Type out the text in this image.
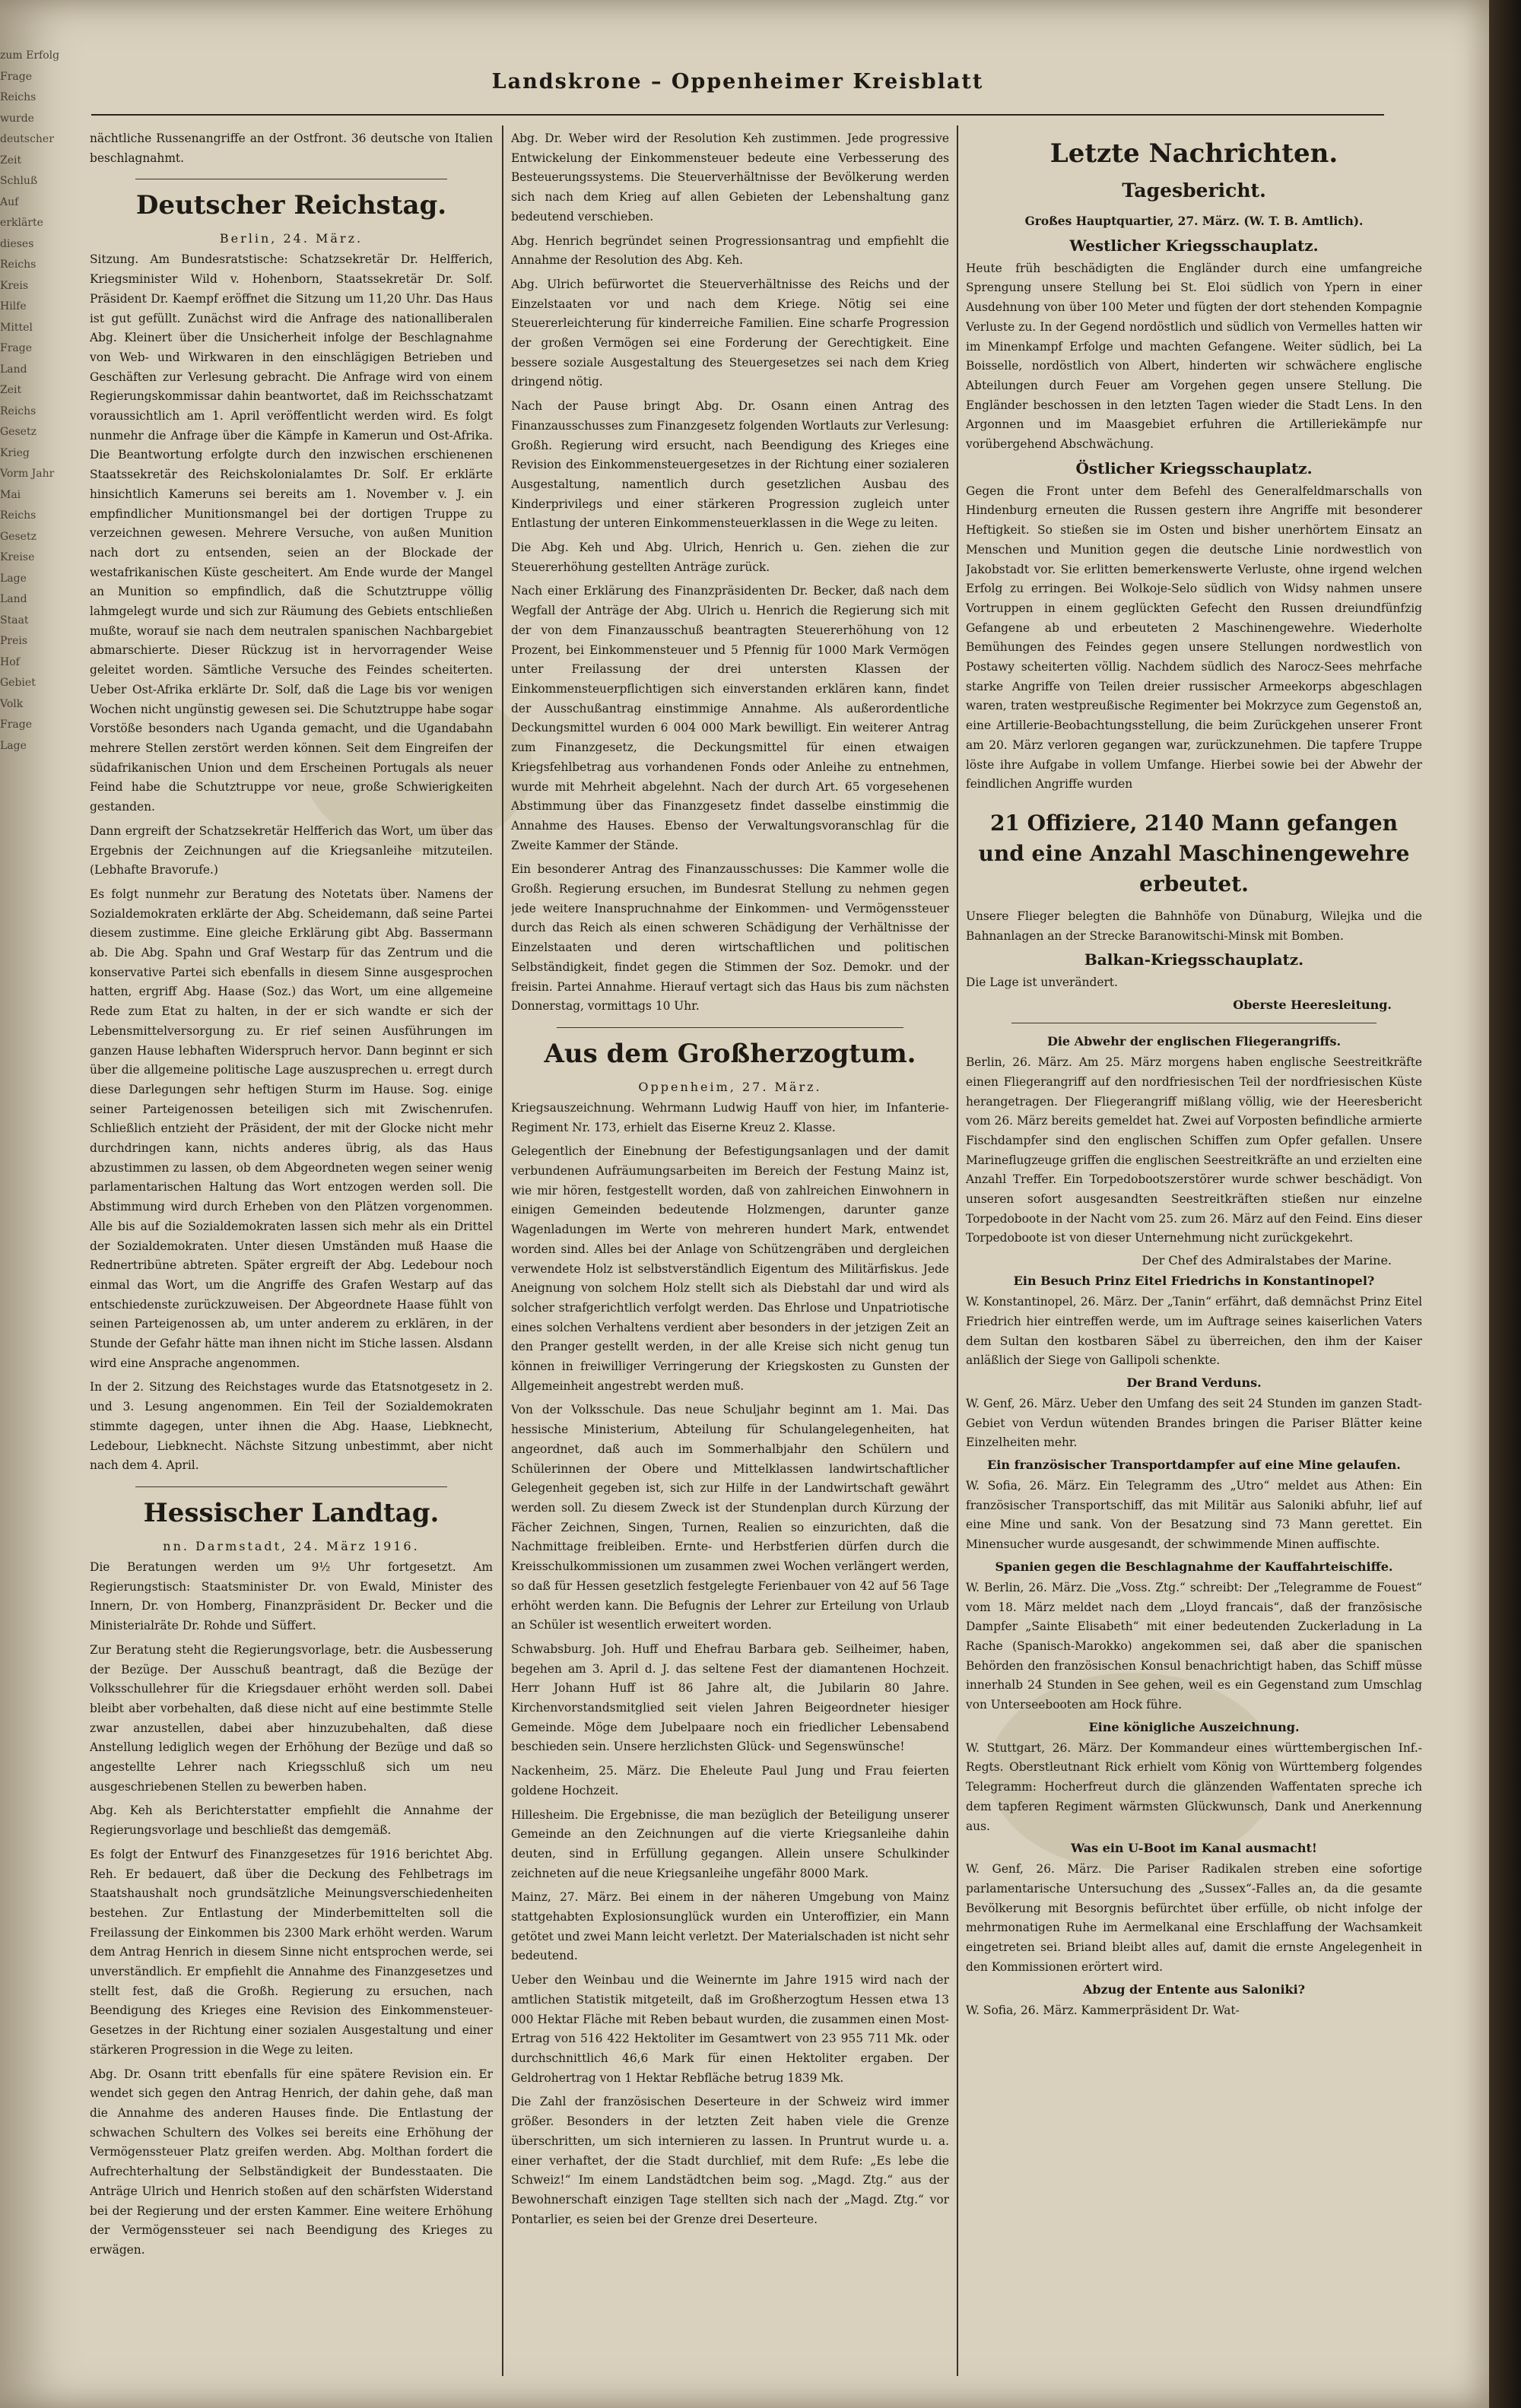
zum Erfolg

Frage

Reichs

wurde

deutscher

Zeit

Schluß

Auf

erklärte

dieses

Reichs

Kreis

Hilfe

Mittel

Frage

Land

Zeit

Reichs

Gesetz

Krieg

Vorm Jahr

Mai

Reichs

Gesetz

Kreise

Lage

Land

Staat

Preis

Hof

Gebiet

Volk

Frage

Lage

Landskrone – Oppenheimer Kreisblatt

nächtliche Russenangriffe an der Ostfront. 36 deutsche von Italien beschlagnahmt.

Deutscher Reichstag.
Berlin, 24. März.

Sitzung. Am Bundesratstische: Schatzsekretär Dr. Helfferich, Kriegsminister Wild v. Hohenborn, Staatssekretär Dr. Solf. Präsident Dr. Kaempf eröffnet die Sitzung um 11,20 Uhr. Das Haus ist gut gefüllt. Zunächst wird die Anfrage des nationalliberalen Abg. Kleinert über die Unsicherheit infolge der Beschlagnahme von Web- und Wirkwaren in den einschlägigen Betrieben und Geschäften zur Verlesung gebracht. Die Anfrage wird von einem Regierungskommissar dahin beantwortet, daß im Reichsschatzamt voraussichtlich am 1. April veröffentlicht werden wird. Es folgt nunmehr die Anfrage über die Kämpfe in Kamerun und Ost-Afrika. Die Beantwortung erfolgte durch den inzwischen erschienenen Staatssekretär des Reichskolonialamtes Dr. Solf. Er erklärte hinsichtlich Kameruns sei bereits am 1. November v. J. ein empfindlicher Munitionsmangel bei der dortigen Truppe zu verzeichnen gewesen. Mehrere Versuche, von außen Munition nach dort zu entsenden, seien an der Blockade der westafrikanischen Küste gescheitert. Am Ende wurde der Mangel an Munition so empfindlich, daß die Schutztruppe völlig lahmgelegt wurde und sich zur Räumung des Gebiets entschließen mußte, worauf sie nach dem neutralen spanischen Nachbargebiet abmarschierte. Dieser Rückzug ist in hervorragender Weise geleitet worden. Sämtliche Versuche des Feindes scheiterten. Ueber Ost-Afrika erklärte Dr. Solf, daß die Lage bis vor wenigen Wochen nicht ungünstig gewesen sei. Die Schutztruppe habe sogar Vorstöße besonders nach Uganda gemacht, und die Ugandabahn mehrere Stellen zerstört werden können. Seit dem Eingreifen der südafrikanischen Union und dem Erscheinen Portugals als neuer Feind habe die Schutztruppe vor neue, große Schwierigkeiten gestanden.

Dann ergreift der Schatzsekretär Helfferich das Wort, um über das Ergebnis der Zeichnungen auf die Kriegsanleihe mitzuteilen. (Lebhafte Bravorufe.)

Es folgt nunmehr zur Beratung des Notetats über. Namens der Sozialdemokraten erklärte der Abg. Scheidemann, daß seine Partei diesem zustimme. Eine gleiche Erklärung gibt Abg. Bassermann ab. Die Abg. Spahn und Graf Westarp für das Zentrum und die konservative Partei sich ebenfalls in diesem Sinne ausgesprochen hatten, ergriff Abg. Haase (Soz.) das Wort, um eine allgemeine Rede zum Etat zu halten, in der er sich wandte er sich der Lebensmittelversorgung zu. Er rief seinen Ausführungen im ganzen Hause lebhaften Widerspruch hervor. Dann beginnt er sich über die allgemeine politische Lage auszusprechen u. erregt durch diese Darlegungen sehr heftigen Sturm im Hause. Sog. einige seiner Parteigenossen beteiligen sich mit Zwischenrufen. Schließlich entzieht der Präsident, der mit der Glocke nicht mehr durchdringen kann, nichts anderes übrig, als das Haus abzustimmen zu lassen, ob dem Abgeordneten wegen seiner wenig parlamentarischen Haltung das Wort entzogen werden soll. Die Abstimmung wird durch Erheben von den Plätzen vorgenommen. Alle bis auf die Sozialdemokraten lassen sich mehr als ein Drittel der Sozialdemokraten. Unter diesen Umständen muß Haase die Rednertribüne abtreten. Später ergreift der Abg. Ledebour noch einmal das Wort, um die Angriffe des Grafen Westarp auf das entschiedenste zurückzuweisen. Der Abgeordnete Haase fühlt von seinen Parteigenossen ab, um unter anderem zu erklären, in der Stunde der Gefahr hätte man ihnen nicht im Stiche lassen. Alsdann wird eine Ansprache angenommen.

In der 2. Sitzung des Reichstages wurde das Etatsnotgesetz in 2. und 3. Lesung angenommen. Ein Teil der Sozialdemokraten stimmte dagegen, unter ihnen die Abg. Haase, Liebknecht, Ledebour, Liebknecht. Nächste Sitzung unbestimmt, aber nicht nach dem 4. April.

Hessischer Landtag.
nn. Darmstadt, 24. März 1916.

Die Beratungen werden um 9½ Uhr fortgesetzt. Am Regierungstisch: Staatsminister Dr. von Ewald, Minister des Innern, Dr. von Homberg, Finanzpräsident Dr. Becker und die Ministerialräte Dr. Rohde und Süffert.

Zur Beratung steht die Regierungsvorlage, betr. die Ausbesserung der Bezüge. Der Ausschuß beantragt, daß die Bezüge der Volksschullehrer für die Kriegsdauer erhöht werden soll. Dabei bleibt aber vorbehalten, daß diese nicht auf eine bestimmte Stelle zwar anzustellen, dabei aber hinzuzubehalten, daß diese Anstellung lediglich wegen der Erhöhung der Bezüge und daß so angestellte Lehrer nach Kriegsschluß sich um neu ausgeschriebenen Stellen zu bewerben haben.

Abg. Keh als Berichterstatter empfiehlt die Annahme der Regierungsvorlage und beschließt das demgemäß.

Es folgt der Entwurf des Finanzgesetzes für 1916 berichtet Abg. Reh. Er bedauert, daß über die Deckung des Fehlbetrags im Staatshaushalt noch grundsätzliche Meinungsverschiedenheiten bestehen. Zur Entlastung der Minderbemittelten soll die Freilassung der Einkommen bis 2300 Mark erhöht werden. Warum dem Antrag Henrich in diesem Sinne nicht entsprochen werde, sei unverständlich. Er empfiehlt die Annahme des Finanzgesetzes und stellt fest, daß die Großh. Regierung zu ersuchen, nach Beendigung des Krieges eine Revision des Einkommensteuer-Gesetzes in der Richtung einer sozialen Ausgestaltung und einer stärkeren Progression in die Wege zu leiten.

Abg. Dr. Osann tritt ebenfalls für eine spätere Revision ein. Er wendet sich gegen den Antrag Henrich, der dahin gehe, daß man die Annahme des anderen Hauses finde. Die Entlastung der schwachen Schultern des Volkes sei bereits eine Erhöhung der Vermögenssteuer Platz greifen werden. Abg. Molthan fordert die Aufrechterhaltung der Selbständigkeit der Bundesstaaten. Die Anträge Ulrich und Henrich stoßen auf den schärfsten Widerstand bei der Regierung und der ersten Kammer. Eine weitere Erhöhung der Vermögenssteuer sei nach Beendigung des Krieges zu erwägen.

Abg. Dr. Weber wird der Resolution Keh zustimmen. Jede progressive Entwickelung der Einkommensteuer bedeute eine Verbesserung des Besteuerungssystems. Die Steuerverhältnisse der Bevölkerung werden sich nach dem Krieg auf allen Gebieten der Lebenshaltung ganz bedeutend verschieben.

Abg. Henrich begründet seinen Progressionsantrag und empfiehlt die Annahme der Resolution des Abg. Keh.

Abg. Ulrich befürwortet die Steuerverhältnisse des Reichs und der Einzelstaaten vor und nach dem Kriege. Nötig sei eine Steuererleichterung für kinderreiche Familien. Eine scharfe Progression der großen Vermögen sei eine Forderung der Gerechtigkeit. Eine bessere soziale Ausgestaltung des Steuergesetzes sei nach dem Krieg dringend nötig.

Nach der Pause bringt Abg. Dr. Osann einen Antrag des Finanzausschusses zum Finanzgesetz folgenden Wortlauts zur Verlesung: Großh. Regierung wird ersucht, nach Beendigung des Krieges eine Revision des Einkommensteuergesetzes in der Richtung einer sozialeren Ausgestaltung, namentlich durch gesetzlichen Ausbau des Kinderprivilegs und einer stärkeren Progression zugleich unter Entlastung der unteren Einkommensteuerklassen in die Wege zu leiten.

Die Abg. Keh und Abg. Ulrich, Henrich u. Gen. ziehen die zur Steuererhöhung gestellten Anträge zurück.

Nach einer Erklärung des Finanzpräsidenten Dr. Becker, daß nach dem Wegfall der Anträge der Abg. Ulrich u. Henrich die Regierung sich mit der von dem Finanzausschuß beantragten Steuererhöhung von 12 Prozent, bei Einkommensteuer und 5 Pfennig für 1000 Mark Vermögen unter Freilassung der drei untersten Klassen der Einkommensteuerpflichtigen sich einverstanden erklären kann, findet der Ausschußantrag einstimmige Annahme. Als außerordentliche Deckungsmittel wurden 6 004 000 Mark bewilligt. Ein weiterer Antrag zum Finanzgesetz, die Deckungsmittel für einen etwaigen Kriegsfehlbetrag aus vorhandenen Fonds oder Anleihe zu entnehmen, wurde mit Mehrheit abgelehnt. Nach der durch Art. 65 vorgesehenen Abstimmung über das Finanzgesetz findet dasselbe einstimmig die Annahme des Hauses. Ebenso der Verwaltungsvoranschlag für die Zweite Kammer der Stände.

Ein besonderer Antrag des Finanzausschusses: Die Kammer wolle die Großh. Regierung ersuchen, im Bundesrat Stellung zu nehmen gegen jede weitere Inanspruchnahme der Einkommen- und Vermögenssteuer durch das Reich als einen schweren Schädigung der Verhältnisse der Einzelstaaten und deren wirtschaftlichen und politischen Selbständigkeit, findet gegen die Stimmen der Soz. Demokr. und der freisin. Partei Annahme. Hierauf vertagt sich das Haus bis zum nächsten Donnerstag, vormittags 10 Uhr.

Aus dem Großherzogtum.
Oppenheim, 27. März.

Kriegsauszeichnung. Wehrmann Ludwig Hauff von hier, im Infanterie-Regiment Nr. 173, erhielt das Eiserne Kreuz 2. Klasse.

Gelegentlich der Einebnung der Befestigungsanlagen und der damit verbundenen Aufräumungsarbeiten im Bereich der Festung Mainz ist, wie mir hören, festgestellt worden, daß von zahlreichen Einwohnern in einigen Gemeinden bedeutende Holzmengen, darunter ganze Wagenladungen im Werte von mehreren hundert Mark, entwendet worden sind. Alles bei der Anlage von Schützengräben und dergleichen verwendete Holz ist selbstverständlich Eigentum des Militärfiskus. Jede Aneignung von solchem Holz stellt sich als Diebstahl dar und wird als solcher strafgerichtlich verfolgt werden. Das Ehrlose und Unpatriotische eines solchen Verhaltens verdient aber besonders in der jetzigen Zeit an den Pranger gestellt werden, in der alle Kreise sich nicht genug tun können in freiwilliger Verringerung der Kriegskosten zu Gunsten der Allgemeinheit angestrebt werden muß.

Von der Volksschule. Das neue Schuljahr beginnt am 1. Mai. Das hessische Ministerium, Abteilung für Schulangelegenheiten, hat angeordnet, daß auch im Sommerhalbjahr den Schülern und Schülerinnen der Obere und Mittelklassen landwirtschaftlicher Gelegenheit gegeben ist, sich zur Hilfe in der Landwirtschaft gewährt werden soll. Zu diesem Zweck ist der Stundenplan durch Kürzung der Fächer Zeichnen, Singen, Turnen, Realien so einzurichten, daß die Nachmittage freibleiben. Ernte- und Herbstferien dürfen durch die Kreisschulkommissionen um zusammen zwei Wochen verlängert werden, so daß für Hessen gesetzlich festgelegte Ferienbauer von 42 auf 56 Tage erhöht werden kann. Die Befugnis der Lehrer zur Erteilung von Urlaub an Schüler ist wesentlich erweitert worden.

Schwabsburg. Joh. Huff und Ehefrau Barbara geb. Seilheimer, haben, begehen am 3. April d. J. das seltene Fest der diamantenen Hochzeit. Herr Johann Huff ist 86 Jahre alt, die Jubilarin 80 Jahre. Kirchenvorstandsmitglied seit vielen Jahren Beigeordneter hiesiger Gemeinde. Möge dem Jubelpaare noch ein friedlicher Lebensabend beschieden sein. Unsere herzlichsten Glück- und Segenswünsche!

Nackenheim, 25. März. Die Eheleute Paul Jung und Frau feierten goldene Hochzeit.

Hillesheim. Die Ergebnisse, die man bezüglich der Beteiligung unserer Gemeinde an den Zeichnungen auf die vierte Kriegsanleihe dahin deuten, sind in Erfüllung gegangen. Allein unsere Schulkinder zeichneten auf die neue Kriegsanleihe ungefähr 8000 Mark.

Mainz, 27. März. Bei einem in der näheren Umgebung von Mainz stattgehabten Explosionsunglück wurden ein Unteroffizier, ein Mann getötet und zwei Mann leicht verletzt. Der Materialschaden ist nicht sehr bedeutend.

Ueber den Weinbau und die Weinernte im Jahre 1915 wird nach der amtlichen Statistik mitgeteilt, daß im Großherzogtum Hessen etwa 13 000 Hektar Fläche mit Reben bebaut wurden, die zusammen einen Most-Ertrag von 516 422 Hektoliter im Gesamtwert von 23 955 711 Mk. oder durchschnittlich 46,6 Mark für einen Hektoliter ergaben. Der Geldrohertrag von 1 Hektar Rebfläche betrug 1839 Mk.

Die Zahl der französischen Deserteure in der Schweiz wird immer größer. Besonders in der letzten Zeit haben viele die Grenze überschritten, um sich internieren zu lassen. In Pruntrut wurde u. a. einer verhaftet, der die Stadt durchlief, mit dem Rufe: „Es lebe die Schweiz!“ Im einem Landstädtchen beim sog. „Magd. Ztg.“ aus der Bewohnerschaft einzigen Tage stellten sich nach der „Magd. Ztg.“ vor Pontarlier, es seien bei der Grenze drei Deserteure.

Letzte Nachrichten.
Tagesbericht.

Großes Hauptquartier, 27. März. (W. T. B. Amtlich).

Westlicher Kriegsschauplatz.

Heute früh beschädigten die Engländer durch eine umfangreiche Sprengung unsere Stellung bei St. Eloi südlich von Ypern in einer Ausdehnung von über 100 Meter und fügten der dort stehenden Kompagnie Verluste zu. In der Gegend nordöstlich und südlich von Vermelles hatten wir im Minenkampf Erfolge und machten Gefangene. Weiter südlich, bei La Boisselle, nordöstlich von Albert, hinderten wir schwächere englische Abteilungen durch Feuer am Vorgehen gegen unsere Stellung. Die Engländer beschossen in den letzten Tagen wieder die Stadt Lens. In den Argonnen und im Maasgebiet erfuhren die Artilleriekämpfe nur vorübergehend Abschwächung.

Östlicher Kriegsschauplatz.

Gegen die Front unter dem Befehl des Generalfeldmarschalls von Hindenburg erneuten die Russen gestern ihre Angriffe mit besonderer Heftigkeit. So stießen sie im Osten und bisher unerhörtem Einsatz an Menschen und Munition gegen die deutsche Linie nordwestlich von Jakobstadt vor. Sie erlitten bemerkenswerte Verluste, ohne irgend welchen Erfolg zu erringen. Bei Wolkoje-Selo südlich von Widsy nahmen unsere Vortruppen in einem geglückten Gefecht den Russen dreiundfünfzig Gefangene ab und erbeuteten 2 Maschinengewehre. Wiederholte Bemühungen des Feindes gegen unsere Stellungen nordwestlich von Postawy scheiterten völlig. Nachdem südlich des Narocz-Sees mehrfache starke Angriffe von Teilen dreier russischer Armeekorps abgeschlagen waren, traten westpreußische Regimenter bei Mokrzyce zum Gegenstoß an, eine Artillerie-Beobachtungsstellung, die beim Zurückgehen unserer Front am 20. März verloren gegangen war, zurückzunehmen. Die tapfere Truppe löste ihre Aufgabe in vollem Umfange. Hierbei sowie bei der Abwehr der feindlichen Angriffe wurden

21 Offiziere, 2140 Mann gefangen und eine Anzahl Maschinengewehre erbeutet.

Unsere Flieger belegten die Bahnhöfe von Dünaburg, Wilejka und die Bahnanlagen an der Strecke Baranowitschi-Minsk mit Bomben.

Balkan-Kriegsschauplatz.

Die Lage ist unverändert.

Oberste Heeresleitung.
Die Abwehr der englischen Fliegerangriffs.

Berlin, 26. März. Am 25. März morgens haben englische Seestreitkräfte einen Fliegerangriff auf den nordfriesischen Teil der nordfriesischen Küste herangetragen. Der Fliegerangriff mißlang völlig, wie der Heeresbericht vom 26. März bereits gemeldet hat. Zwei auf Vorposten befindliche armierte Fischdampfer sind den englischen Schiffen zum Opfer gefallen. Unsere Marineflugzeuge griffen die englischen Seestreitkräfte an und erzielten eine Anzahl Treffer. Ein Torpedobootszerstörer wurde schwer beschädigt. Von unseren sofort ausgesandten Seestreitkräften stießen nur einzelne Torpedoboote in der Nacht vom 25. zum 26. März auf den Feind. Eins dieser Torpedoboote ist von dieser Unternehmung nicht zurückgekehrt.

Der Chef des Admiralstabes der Marine.
Ein Besuch Prinz Eitel Friedrichs in Konstantinopel?

W. Konstantinopel, 26. März. Der „Tanin“ erfährt, daß demnächst Prinz Eitel Friedrich hier eintreffen werde, um im Auftrage seines kaiserlichen Vaters dem Sultan den kostbaren Säbel zu überreichen, den ihm der Kaiser anläßlich der Siege von Gallipoli schenkte.

Der Brand Verduns.

W. Genf, 26. März. Ueber den Umfang des seit 24 Stunden im ganzen Stadt-Gebiet von Verdun wütenden Brandes bringen die Pariser Blätter keine Einzelheiten mehr.

Ein französischer Transportdampfer auf eine Mine gelaufen.

W. Sofia, 26. März. Ein Telegramm des „Utro“ meldet aus Athen: Ein französischer Transportschiff, das mit Militär aus Saloniki abfuhr, lief auf eine Mine und sank. Von der Besatzung sind 73 Mann gerettet. Ein Minensucher wurde ausgesandt, der schwimmende Minen auffischte.

Spanien gegen die Beschlagnahme der Kauffahrteischiffe.

W. Berlin, 26. März. Die „Voss. Ztg.“ schreibt: Der „Telegramme de Fouest“ vom 18. März meldet nach dem „Lloyd francais“, daß der französische Dampfer „Sainte Elisabeth“ mit einer bedeutenden Zuckerladung in La Rache (Spanisch-Marokko) angekommen sei, daß aber die spanischen Behörden den französischen Konsul benachrichtigt haben, das Schiff müsse innerhalb 24 Stunden in See gehen, weil es ein Gegenstand zum Umschlag von Unterseebooten am Hock führe.

Eine königliche Auszeichnung.

W. Stuttgart, 26. März. Der Kommandeur eines württembergischen Inf.-Regts. Oberstleutnant Rick erhielt vom König von Württemberg folgendes Telegramm: Hocherfreut durch die glänzenden Waffentaten spreche ich dem tapferen Regiment wärmsten Glückwunsch, Dank und Anerkennung aus.

Was ein U-Boot im Kanal ausmacht!

W. Genf, 26. März. Die Pariser Radikalen streben eine sofortige parlamentarische Untersuchung des „Sussex“-Falles an, da die gesamte Bevölkerung mit Besorgnis befürchtet über erfülle, ob nicht infolge der mehrmonatigen Ruhe im Aermelkanal eine Erschlaffung der Wachsamkeit eingetreten sei. Briand bleibt alles auf, damit die ernste Angelegenheit in den Kommissionen erörtert wird.

Abzug der Entente aus Saloniki?

W. Sofia, 26. März. Kammerpräsident Dr. Wat-
